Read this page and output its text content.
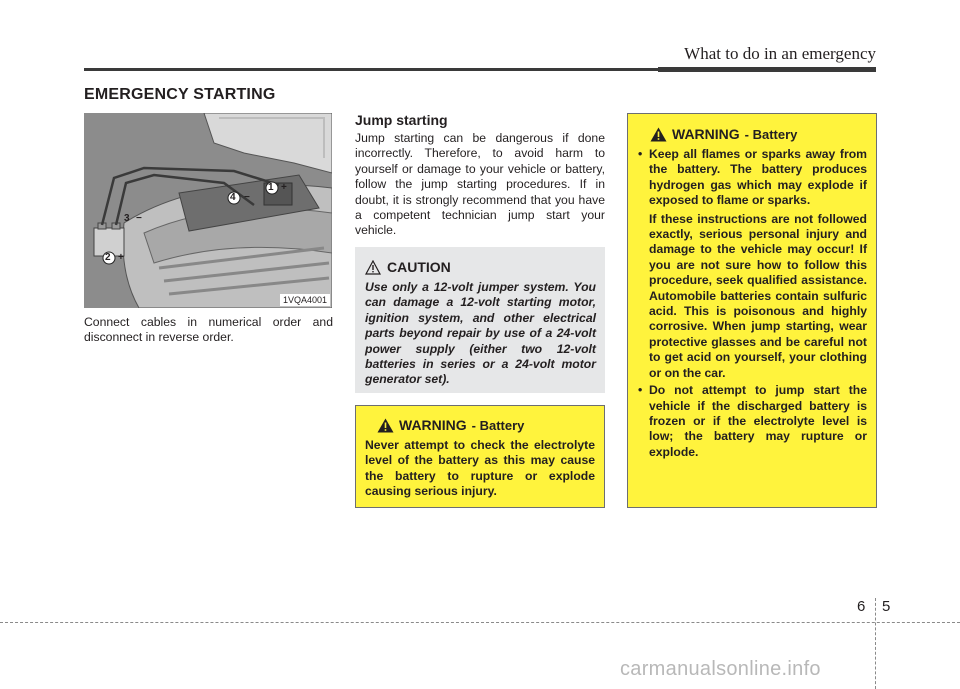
What to do in an emergency
EMERGENCY STARTING
1 +
2 +
3 −
4 −
1VQA4001

Connect cables in numerical order and disconnect in reverse order.

Jump starting

Jump starting can be dangerous if done incorrectly. Therefore, to avoid harm to yourself or damage to your vehicle or battery, follow the jump starting procedures. If in doubt, it is strongly recommend that you have a competent technician jump start your vehicle.

CAUTION

Use only a 12-volt jumper system. You can damage a 12-volt starting motor, ignition system, and other electrical parts beyond repair by use of a 24-volt power supply (either two 12-volt batteries in series or a 24-volt motor generator set).

WARNING - Battery

Never attempt to check the electrolyte level of the battery as this may cause the battery to rupture or explode causing serious injury.

WARNING - Battery
• Keep all flames or sparks away from the battery. The battery produces hydrogen gas which may explode if exposed to flame or sparks.

If these instructions are not followed exactly, serious personal injury and damage to the vehicle may occur! If you are not sure how to follow this procedure, seek qualified assistance. Automobile batteries contain sulfuric acid. This is poisonous and highly corrosive. When jump starting, wear protective glasses and be careful not to get acid on yourself, your clothing or on the car.

• Do not attempt to jump start the vehicle if the discharged battery is frozen or if the electrolyte level is low; the battery may rupture or explode.

6 5
carmanualsonline.info
